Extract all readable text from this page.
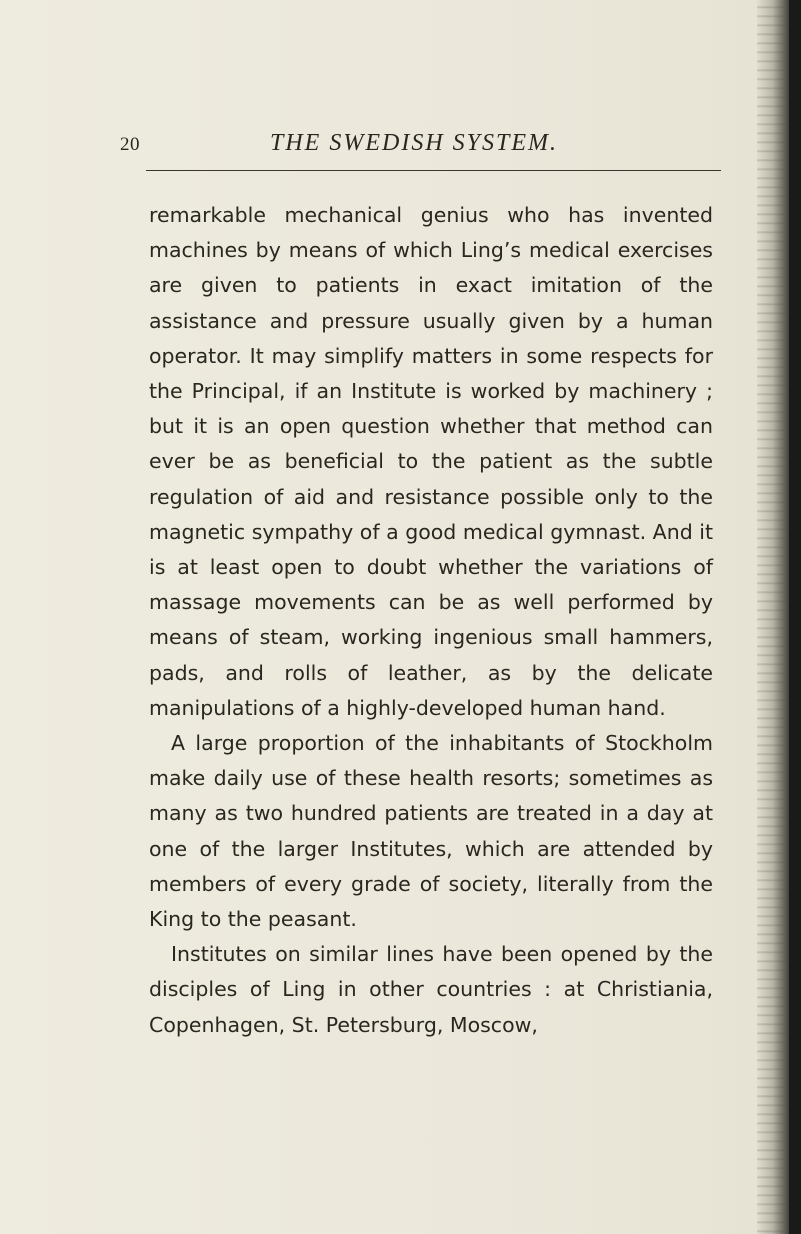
20	THE SWEDISH SYSTEM.

remarkable mechanical genius who has invented machines by means of which Ling’s medical exercises are given to patients in exact imitation of the assistance and pressure usually given by a human operator. It may simplify matters in some respects for the Principal, if an Institute is worked by machinery ; but it is an open question whether that method can ever be as beneficial to the patient as the subtle regulation of aid and resistance possible only to the magnetic sympathy of a good medical gymnast. And it is at least open to doubt whether the variations of massage movements can be as well performed by means of steam, working ingenious small hammers, pads, and rolls of leather, as by the delicate manipulations of a highly-developed human hand.

A large proportion of the inhabitants of Stockholm make daily use of these health resorts; sometimes as many as two hundred patients are treated in a day at one of the larger Institutes, which are attended by members of every grade of society, literally from the King to the peasant.

Institutes on similar lines have been opened by the disciples of Ling in other countries : at Christiania, Copenhagen, St. Petersburg, Moscow,
